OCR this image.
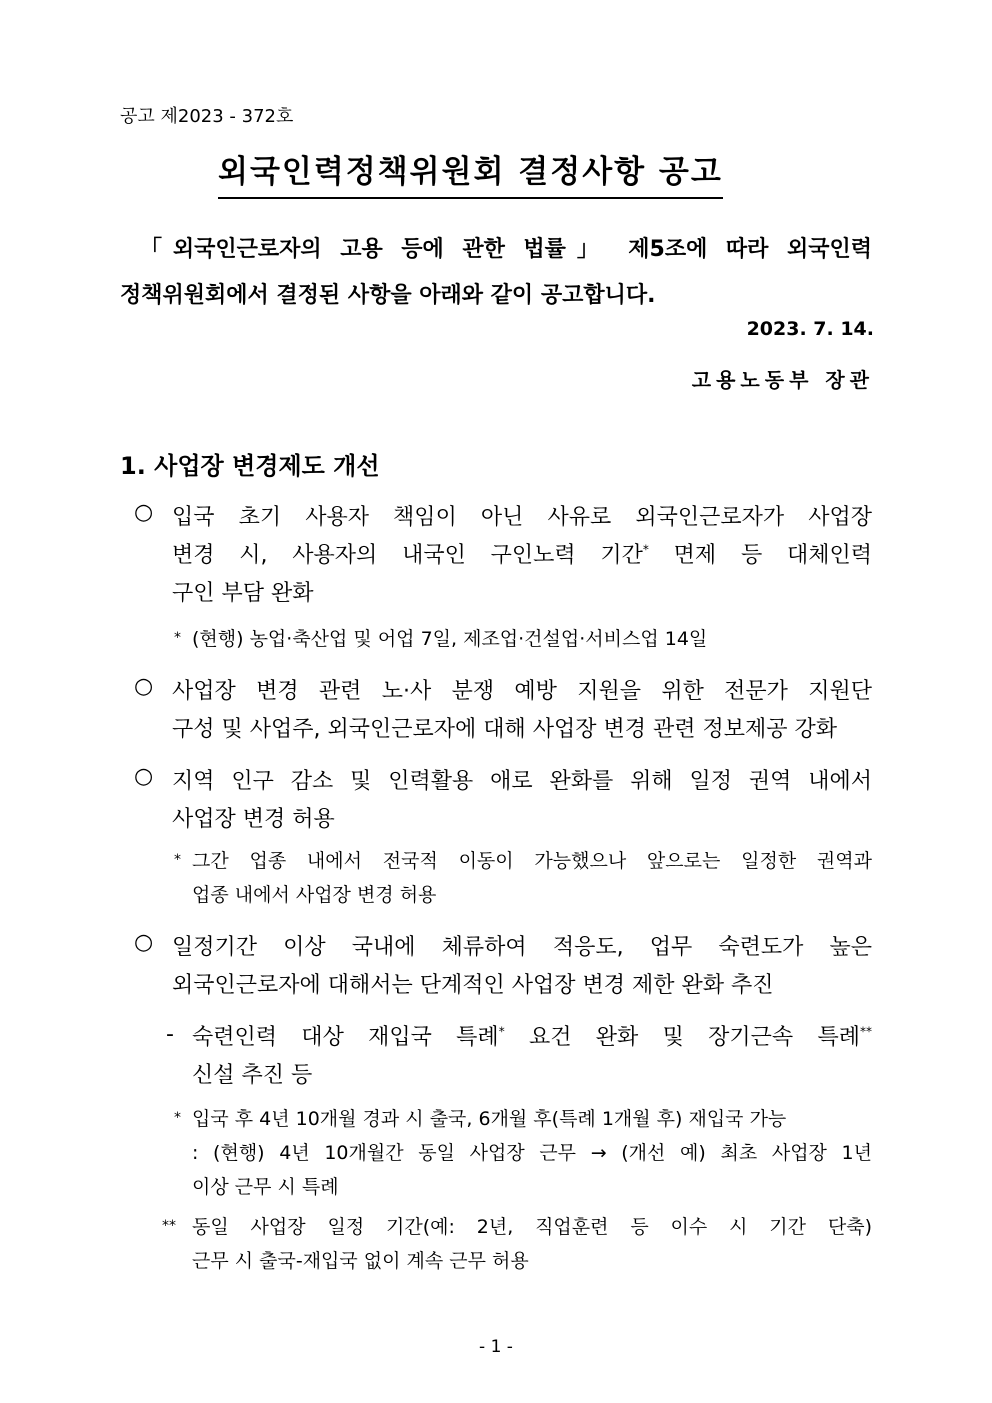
공고 제2023 - 372호
외국인력정책위원회 결정사항 공고
「외국인근로자의 고용 등에 관한 법률」 제5조에 따라 외국인력
정책위원회에서 결정된 사항을 아래와 같이 공고합니다.
2023. 7. 14.
고용노동부 장관
1. 사업장 변경제도 개선
○ 입국 초기 사용자 책임이 아닌 사유로 외국인근로자가 사업장
변경 시, 사용자의 내국인 구인노력 기간* 면제 등 대체인력
구인 부담 완화
* (현행) 농업·축산업 및 어업 7일, 제조업·건설업·서비스업 14일
○ 사업장 변경 관련 노·사 분쟁 예방 지원을 위한 전문가 지원단
구성 및 사업주, 외국인근로자에 대해 사업장 변경 관련 정보제공 강화
○ 지역 인구 감소 및 인력활용 애로 완화를 위해 일정 권역 내에서
사업장 변경 허용
* 그간 업종 내에서 전국적 이동이 가능했으나 앞으로는 일정한 권역과
업종 내에서 사업장 변경 허용
○ 일정기간 이상 국내에 체류하여 적응도, 업무 숙련도가 높은
외국인근로자에 대해서는 단계적인 사업장 변경 제한 완화 추진
- 숙련인력 대상 재입국 특례* 요건 완화 및 장기근속 특례**
신설 추진 등
* 입국 후 4년 10개월 경과 시 출국, 6개월 후(특례 1개월 후) 재입국 가능
: (현행) 4년 10개월간 동일 사업장 근무 → (개선 예) 최초 사업장 1년
이상 근무 시 특례
** 동일 사업장 일정 기간(예: 2년, 직업훈련 등 이수 시 기간 단축)
근무 시 출국-재입국 없이 계속 근무 허용
- 1 -
